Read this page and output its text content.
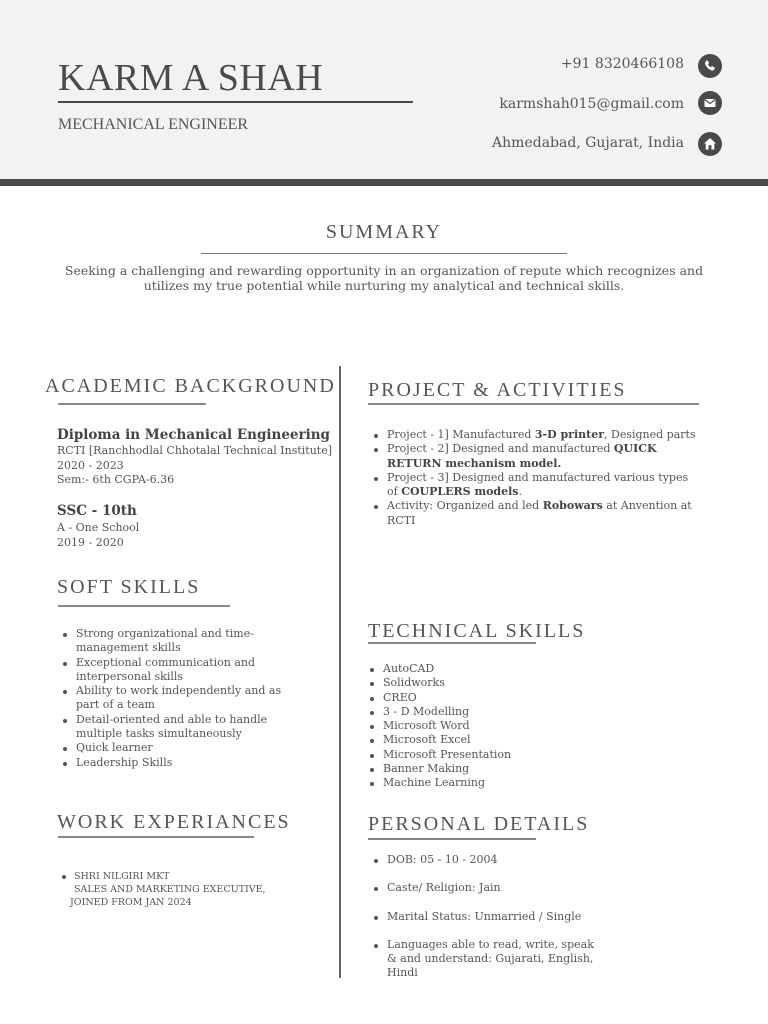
KARM A SHAH
MECHANICAL ENGINEER
+91 8320466108
karmshah015@gmail.com
Ahmedabad, Gujarat, India
SUMMARY
Seeking a challenging and rewarding opportunity in an organization of repute which recognizes and utilizes my true potential while nurturing my analytical and technical skills.
ACADEMIC BACKGROUND
Diploma in Mechanical Engineering
RCTI [Ranchhodlal Chhotalal Technical Institute]
2020 - 2023
Sem:- 6th CGPA-6.36
SSC - 10th
A - One School
2019 - 2020
SOFT SKILLS
Strong organizational and time-management skills
Exceptional communication and interpersonal skills
Ability to work independently and as part of a team
Detail-oriented and able to handle multiple tasks simultaneously
Quick learner
Leadership Skills
WORK EXPERIANCES
SHRI NILGIRI MKT
SALES AND MARKETING EXECUTIVE,
JOINED FROM JAN 2024
PROJECT & ACTIVITIES
Project - 1] Manufactured 3-D printer, Designed parts
Project - 2] Designed and manufactured QUICK RETURN mechanism model.
Project - 3] Designed and manufactured various types of COUPLERS models.
Activity: Organized and led Robowars at Anvention at RCTI
TECHNICAL SKILLS
AutoCAD
Solidworks
CREO
3 - D Modelling
Microsoft Word
Microsoft Excel
Microsoft Presentation
Banner Making
Machine Learning
PERSONAL DETAILS
DOB: 05 - 10 - 2004
Caste/ Religion: Jain
Marital Status: Unmarried / Single
Languages able to read, write, speak & and understand: Gujarati, English, Hindi
